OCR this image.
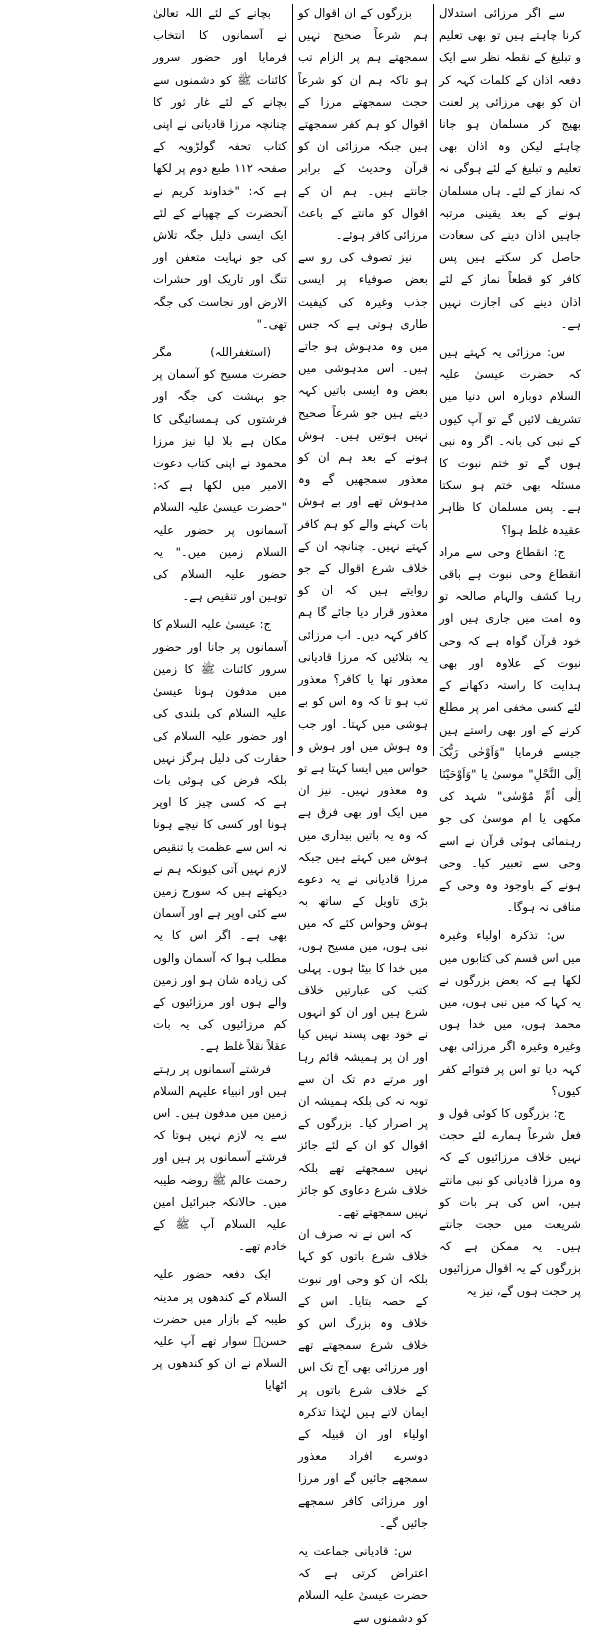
سے اگر مرزائی استدلال کرنا چاہتے ہیں تو بھی تعلیم و تبلیغ کے نقطہ نظر سے ایک دفعہ اذان کے کلمات کہہ کر ان کو بھی مرزائی پر لعنت بھیج کر مسلمان ہو جانا چاہئے لیکن وہ اذان بھی تعلیم و تبلیغ کے لئے ہوگی نہ کہ نماز کے لئے۔ ہاں مسلمان ہونے کے بعد یقینی مرتبہ جاہیں اذان دینے کی سعادت حاصل کر سکتے ہیں پس کافر کو قطعاً نماز کے لئے اذان دینے کی اجازت نہیں ہے۔

س: مرزائی یہ کہتے ہیں کہ حضرت عیسیٰ علیہ السلام دوبارہ اس دنیا میں تشریف لائیں گے تو آپ کیوں کے نبی کی بانہ۔ اگر وہ نبی ہوں گے تو ختم نبوت کا مسئلہ بھی ختم ہو سکتا ہے۔ پس مسلمان کا ظاہر عقیدہ غلط ہوا؟

ج: انقطاع وحی سے مراد انقطاع وحی نبوت ہے باقی رہا کشف والہام صالحہ تو وہ امت میں جاری ہیں اور خود قرآن گواہ ہے کہ وحی نبوت کے علاوہ اور بھی ہدایت کا راستہ دکھانے کے لئے کسی مخفی امر پر مطلع کرنے کے اور بھی راستے ہیں جیسے فرمایا "وَاَوْحٰی رَبُّکَ اِلَی النَّحْلِ" موسیٰ یا "وَاَوْحَیْنَا اِلٰی اُمِّ مُوْسٰی" شہد کی مکھی یا ام موسیٰ کی جو رہنمائی ہوئی قرآن نے اسے وحی سے تعبیر کیا۔ وحی ہونے کے باوجود وہ وحی کے منافی نہ ہوگا۔

س: تذکرہ اولیاء وغیرہ میں اس قسم کی کتابوں میں لکھا ہے کہ بعض بزرگوں نے یہ کہا کہ میں نبی ہوں، میں محمد ہوں، میں خدا ہوں وغیرہ وغیرہ اگر مرزائی بھی کہہ دیا تو اس پر فتوائے کفر کیوں؟

ج: بزرگوں کا کوئی قول و فعل شرعاً ہمارے لئے حجت نہیں خلاف مرزائیوں کے کہ وہ مرزا قادیانی کو نبی مانتے ہیں، اس کی ہر بات کو شریعت میں حجت جانتے ہیں۔ یہ ممکن ہے کہ بزرگوں کے یہ اقوال مرزائیوں پر حجت ہوں گے، نیز یہ

بزرگوں کے ان اقوال کو ہم شرعاً صحیح نہیں سمجھتے ہم پر الزام تب ہو تاکہ ہم ان کو شرعاً حجت سمجھتے مرزا کے اقوال کو ہم کفر سمجھتے ہیں جبکہ مرزائی ان کو قرآن وحدیث کے برابر جانتے ہیں۔ ہم ان کے اقوال کو مانتے کے باعث مرزائی کافر ہوئے۔

نیز تصوف کی رو سے بعض صوفیاء پر ایسی جذب وغیرہ کی کیفیت طاری ہوتی ہے کہ جس میں وہ مدہوش ہو جاتے ہیں۔ اس مدہوشی میں بعض وہ ایسی باتیں کہہ دیتے ہیں جو شرعاً صحیح نہیں ہوتیں ہیں۔ ہوش ہونے کے بعد ہم ان کو معذور سمجھیں گے وہ مدہوش تھے اور بے ہوش بات کہنے والے کو ہم کافر کہتے نہیں۔ چنانچہ ان کے خلاف شرع اقوال کے جو روایتے ہیں کہ ان کو معذور قرار دیا جائے گا ہم کافر کہہ دیں۔ اب مرزائی یہ بتلائیں کہ مرزا قادیانی معذور تھا یا کافر؟ معذور تب ہو تا کہ وہ اس کو بے ہوشی میں کہتا۔ اور جب وہ ہوش میں اور ہوش و حواس میں ایسا کہتا ہے تو وہ معذور نہیں۔ نیز ان میں ایک اور بھی فرق ہے کہ وہ یہ باتیں بیداری میں ہوش میں کہتے ہیں جبکہ مرزا قادیانی نے یہ دعوے بڑی تاویل کے ساتھ بہ ہوش وحواس کئے کہ میں نبی ہوں، میں مسیح ہوں، میں خدا کا بیٹا ہوں۔ پہلی کتب کی عبارتیں خلاف شرع ہیں اور ان کو انہوں نے خود بھی پسند نہیں کیا اور ان پر ہمیشہ قائم رہا اور مرتے دم تک ان سے توبہ نہ کی بلکہ ہمیشہ ان پر اصرار کیا۔ بزرگوں کے اقوال کو ان کے لئے جائز نہیں سمجھتے تھے بلکہ خلاف شرع دعاوی کو جائز نہیں سمجھتے تھے۔

کہ اس نے نہ صرف ان خلاف شرع باتوں کو کہا بلکہ ان کو وحی اور نبوت کے حصہ بتایا۔ اس کے خلاف وہ بزرگ اس کو خلاف شرع سمجھتے تھے اور مرزائی بھی آج تک اس کے خلاف شرع باتوں پر ایمان لاتے ہیں لہٰذا تذکرہ اولیاء اور ان قبیلہ کے دوسرے افراد معذور سمجھے جائیں گے اور مرزا اور مرزائی کافر سمجھے جائیں گے۔

س: قادیانی جماعت یہ اعتراض کرتی ہے کہ حضرت عیسیٰ علیہ السلام کو دشمنوں سے

بچانے کے لئے اللہ تعالیٰ نے آسمانوں کا انتخاب فرمایا اور حضور سرور کائنات ﷺ کو دشمنوں سے بچانے کے لئے غار ثور کا چنانچہ مرزا قادیانی نے اپنی کتاب تحفہ گولڑویہ کے صفحہ ۱۱۲ طبع دوم پر لکھا ہے کہ: "خداوند کریم نے آنحضرت کے چھپانے کے لئے ایک ایسی ذلیل جگہ تلاش کی جو نہایت متعفن اور تنگ اور تاریک اور حشرات الارض اور نجاست کی جگہ تھی۔"

(استغفراللہ) مگر حضرت مسیح کو آسمان پر جو بہشت کی جگہ اور فرشتوں کی ہمسائیگی کا مکان ہے بلا لیا نیز مرزا محمود نے اپنی کتاب دعوت الامیر میں لکھا ہے کہ: "حضرت عیسیٰ علیہ السلام آسمانوں پر حضور علیہ السلام زمین میں۔" یہ حضور علیہ السلام کی توہین اور تنقیص ہے۔

ج: عیسیٰ علیہ السلام کا آسمانوں پر جانا اور حضور سرور کائنات ﷺ کا زمین میں مدفون ہونا عیسیٰ علیہ السلام کی بلندی کی اور حضور علیہ السلام کی حقارت کی دلیل ہرگز نہیں بلکہ فرض کی ہوئی بات ہے کہ کسی چیز کا اوپر ہونا اور کسی کا نیچے ہونا نہ اس سے عظمت یا تنقیص لازم نہیں آتی کیونکہ ہم نے دیکھتے ہیں کہ سورج زمین سے کئی اوپر ہے اور آسمان بھی ہے۔ اگر اس کا یہ مطلب ہوا کہ آسمان والوں کی زیادہ شان ہو اور زمین والے ہوں اور مرزائیوں کے کم مرزائیوں کی یہ بات عقلاً نقلاً غلط ہے۔

فرشتے آسمانوں پر رہتے ہیں اور انبیاء علیہم السلام زمین میں مدفون ہیں۔ اس سے یہ لازم نہیں ہوتا کہ فرشتے آسمانوں پر ہیں اور رحمت عالم ﷺ روضہ طیبہ میں۔ حالانکہ جبرائیل امین علیہ السلام آپ ﷺ کے خادم تھے۔

ایک دفعہ حضور علیہ السلام کے کندھوں پر مدینہ طیبہ کے بازار میں حضرت حسنؓ سوار تھے آپ علیہ السلام نے ان کو کندھوں پر اٹھایا
